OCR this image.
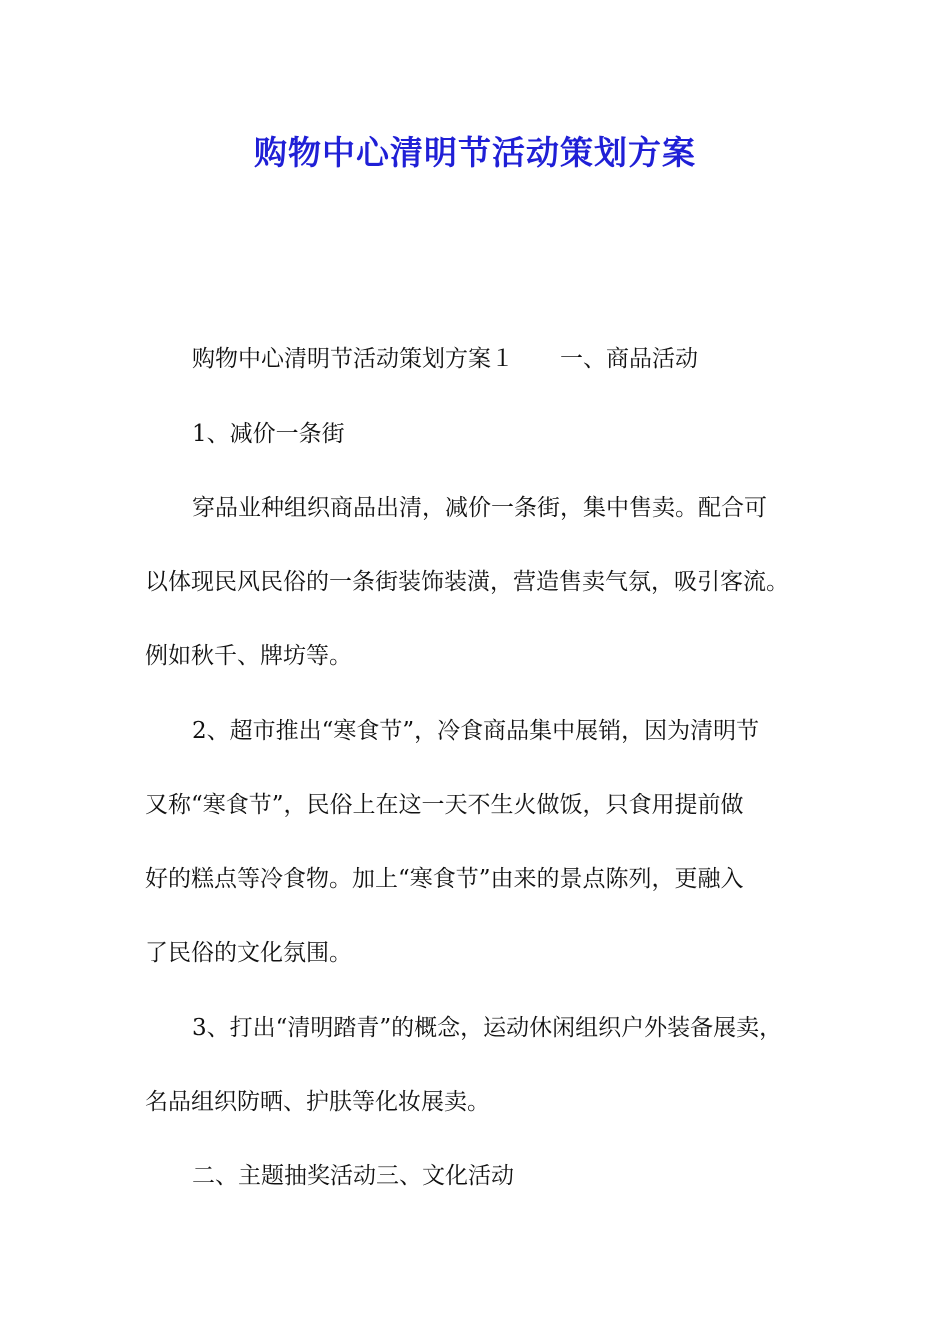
购物中心清明节活动策划方案

购物中心清明节活动策划方案１ 一、商品活动

1、减价一条街

穿品业种组织商品出清，减价一条街，集中售卖。配合可

以体现民风民俗的一条街装饰装潢，营造售卖气氛，吸引客流。

例如秋千、牌坊等。

2、超市推出“寒食节”，冷食商品集中展销，因为清明节

又称“寒食节”，民俗上在这一天不生火做饭，只食用提前做

好的糕点等冷食物。加上“寒食节”由来的景点陈列，更融入

了民俗的文化氛围。

3、打出“清明踏青”的概念，运动休闲组织户外装备展卖，

名品组织防晒、护肤等化妆展卖。

二、主题抽奖活动三、文化活动
